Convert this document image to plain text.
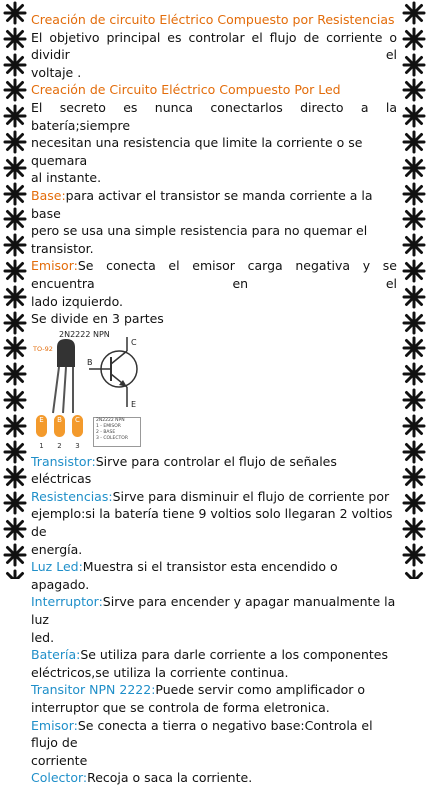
Creación de circuito Eléctrico Compuesto por Resistencias

El objetivo principal es controlar el flujo de corriente o dividir el

voltaje .

Creación de Circuito Eléctrico Compuesto Por Led

El secreto es nunca conectarlos directo a la batería;siempre

necesitan una resistencia que limite la corriente o se quemara

al instante.

Base:para activar el transistor se manda corriente a la base

pero se usa una simple resistencia para no quemar el transistor.

Emisor:Se conecta el emisor carga negativa y se encuentra en el

lado izquierdo.

Se divide en 3 partes

2N2222 NPN
TO-92
C
B
E
E	B	C
1	2	3
2N2222 NPN
1 - EMISOR
2 - BASE
3 - COLECTOR

Transistor:Sirve para controlar el flujo de señales eléctricas

Resistencias:Sirve para disminuir el flujo de corriente por

ejemplo:si la batería tiene 9 voltios solo llegaran 2 voltios de

energía.

Luz Led:Muestra si el transistor esta encendido o apagado.

Interruptor:Sirve para encender y apagar manualmente la luz

led.

Batería:Se utiliza para darle corriente a los componentes

eléctricos,se utiliza la corriente continua.

Transitor NPN 2222:Puede servir como amplificador o

interruptor que se controla de forma eletronica.

Emisor:Se conecta a tierra o negativo base:Controla el flujo de

corriente

Colector:Recoja o saca la corriente.
